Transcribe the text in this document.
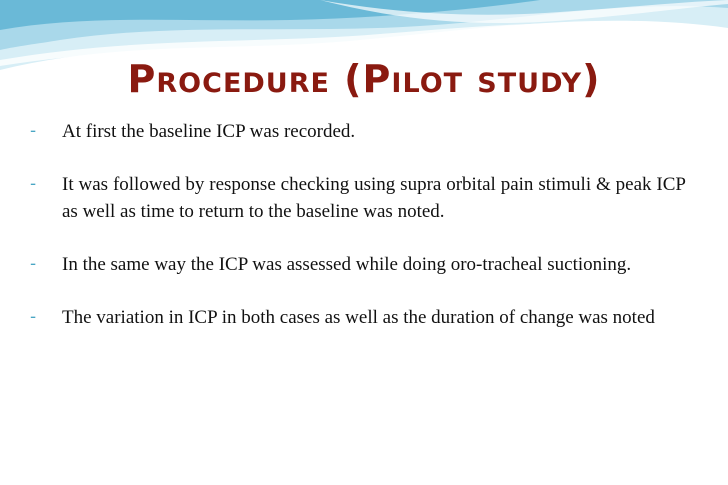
Procedure (Pilot study)
-	At first the baseline ICP was recorded.
-	It was followed by response checking using supra orbital pain stimuli & peak ICP as well as time to return to the baseline was noted.
-	In the same way the ICP was assessed while doing oro-tracheal suctioning.
-	The variation in ICP in both cases as well as the duration of change was noted
